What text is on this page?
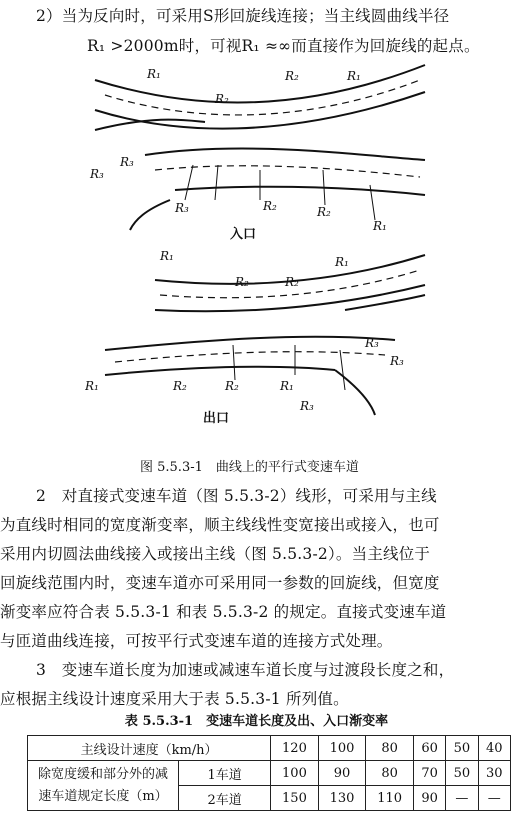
2）当为反向时，可采用S形回旋线连接；当主线圆曲线半径
R₁ >2000m时，可视R₁ ≈∞而直接作为回旋线的起点。
R₁
R₂
R₂	R₁
R₃
R₃
R₃	R₂	R₂
R₁
R₁
R₂	R₂
R₁
R₃
R₃
R₁	R₂	R₂	R₁
R₃
入口
出口
图 5.5.3-1　曲线上的平行式变速车道
2　对直接式变速车道（图 5.5.3-2）线形，可采用与主线
为直线时相同的宽度渐变率，顺主线线性变宽接出或接入，也可
采用内切圆法曲线接入或接出主线（图 5.5.3-2）。当主线位于
回旋线范围内时，变速车道亦可采用同一参数的回旋线，但宽度
渐变率应符合表 5.5.3-1 和表 5.5.3-2 的规定。直接式变速车道
与匝道曲线连接，可按平行式变速车道的连接方式处理。
3　变速车道长度为加速或减速车道长度与过渡段长度之和，
应根据主线设计速度采用大于表 5.5.3-1 所列值。
表 5.5.3-1　变速车道长度及出、入口渐变率
主线设计速度（km/h）		120	100	80	60	50	40

除宽度缓和部分外的减
速车道规定长度（m）	1车道	100	90	80	70	50	30
	2车道	150	130	110	90	—	—
